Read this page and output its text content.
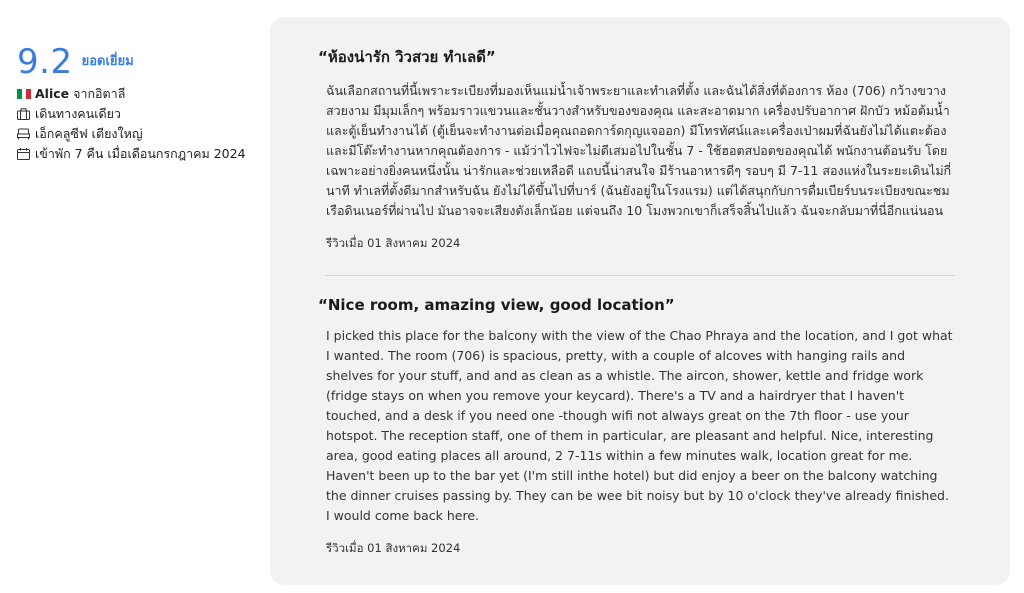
9.2 ยอดเยี่ยม
Alice จากอิตาลี
เดินทางคนเดียว
เอ็กคลูซีฟ เตียงใหญ่
เข้าพัก 7 คืน เมื่อเดือนกรกฎาคม 2024
“ห้องน่ารัก วิวสวย ทำเลดี”
ฉันเลือกสถานที่นี้เพราะระเบียงที่มองเห็นแม่น้ำเจ้าพระยาและทำเลที่ตั้ง และฉันได้สิ่งที่ต้องการ ห้อง (706) กว้างขวาง สวยงาม มีมุมเล็กๆ พร้อมราวแขวนและชั้นวางสำหรับของของคุณ และสะอาดมาก เครื่องปรับอากาศ ฝักบัว หม้อต้มน้ำ และตู้เย็นทำงานได้ (ตู้เย็นจะทำงานต่อเมื่อคุณถอดการ์ดกุญแจออก) มีโทรทัศน์และเครื่องเป่าผมที่ฉันยังไม่ได้แตะต้อง และมีโต๊ะทำงานหากคุณต้องการ - แม้ว่าไวไฟจะไม่ดีเสมอไปในชั้น 7 - ใช้ฮอตสปอตของคุณได้ พนักงานต้อนรับ โดยเฉพาะอย่างยิ่งคนหนึ่งนั้น น่ารักและช่วยเหลือดี แถบนี้น่าสนใจ มีร้านอาหารดีๆ รอบๆ มี 7-11 สองแห่งในระยะเดินไม่กี่นาที ทำเลที่ตั้งดีมากสำหรับฉัน ยังไม่ได้ขึ้นไปที่บาร์ (ฉันยังอยู่ในโรงแรม) แต่ได้สนุกกับการดื่มเบียร์บนระเบียงขณะชมเรือดินเนอร์ที่ผ่านไป มันอาจจะเสียงดังเล็กน้อย แต่จนถึง 10 โมงพวกเขาก็เสร็จสิ้นไปแล้ว ฉันจะกลับมาที่นี่อีกแน่นอน
รีวิวเมื่อ 01 สิงหาคม 2024
“Nice room, amazing view, good location”
I picked this place for the balcony with the view of the Chao Phraya and the location, and I got what I wanted. The room (706) is spacious, pretty, with a couple of alcoves with hanging rails and shelves for your stuff, and and as clean as a whistle. The aircon, shower, kettle and fridge work (fridge stays on when you remove your keycard). There's a TV and a hairdryer that I haven't touched, and a desk if you need one -though wifi not always great on the 7th floor - use your hotspot. The reception staff, one of them in particular, are pleasant and helpful. Nice, interesting area, good eating places all around, 2 7-11s within a few minutes walk, location great for me. Haven't been up to the bar yet (I'm still inthe hotel) but did enjoy a beer on the balcony watching the dinner cruises passing by. They can be wee bit noisy but by 10 o'clock they've already finished. I would come back here.
รีวิวเมื่อ 01 สิงหาคม 2024
